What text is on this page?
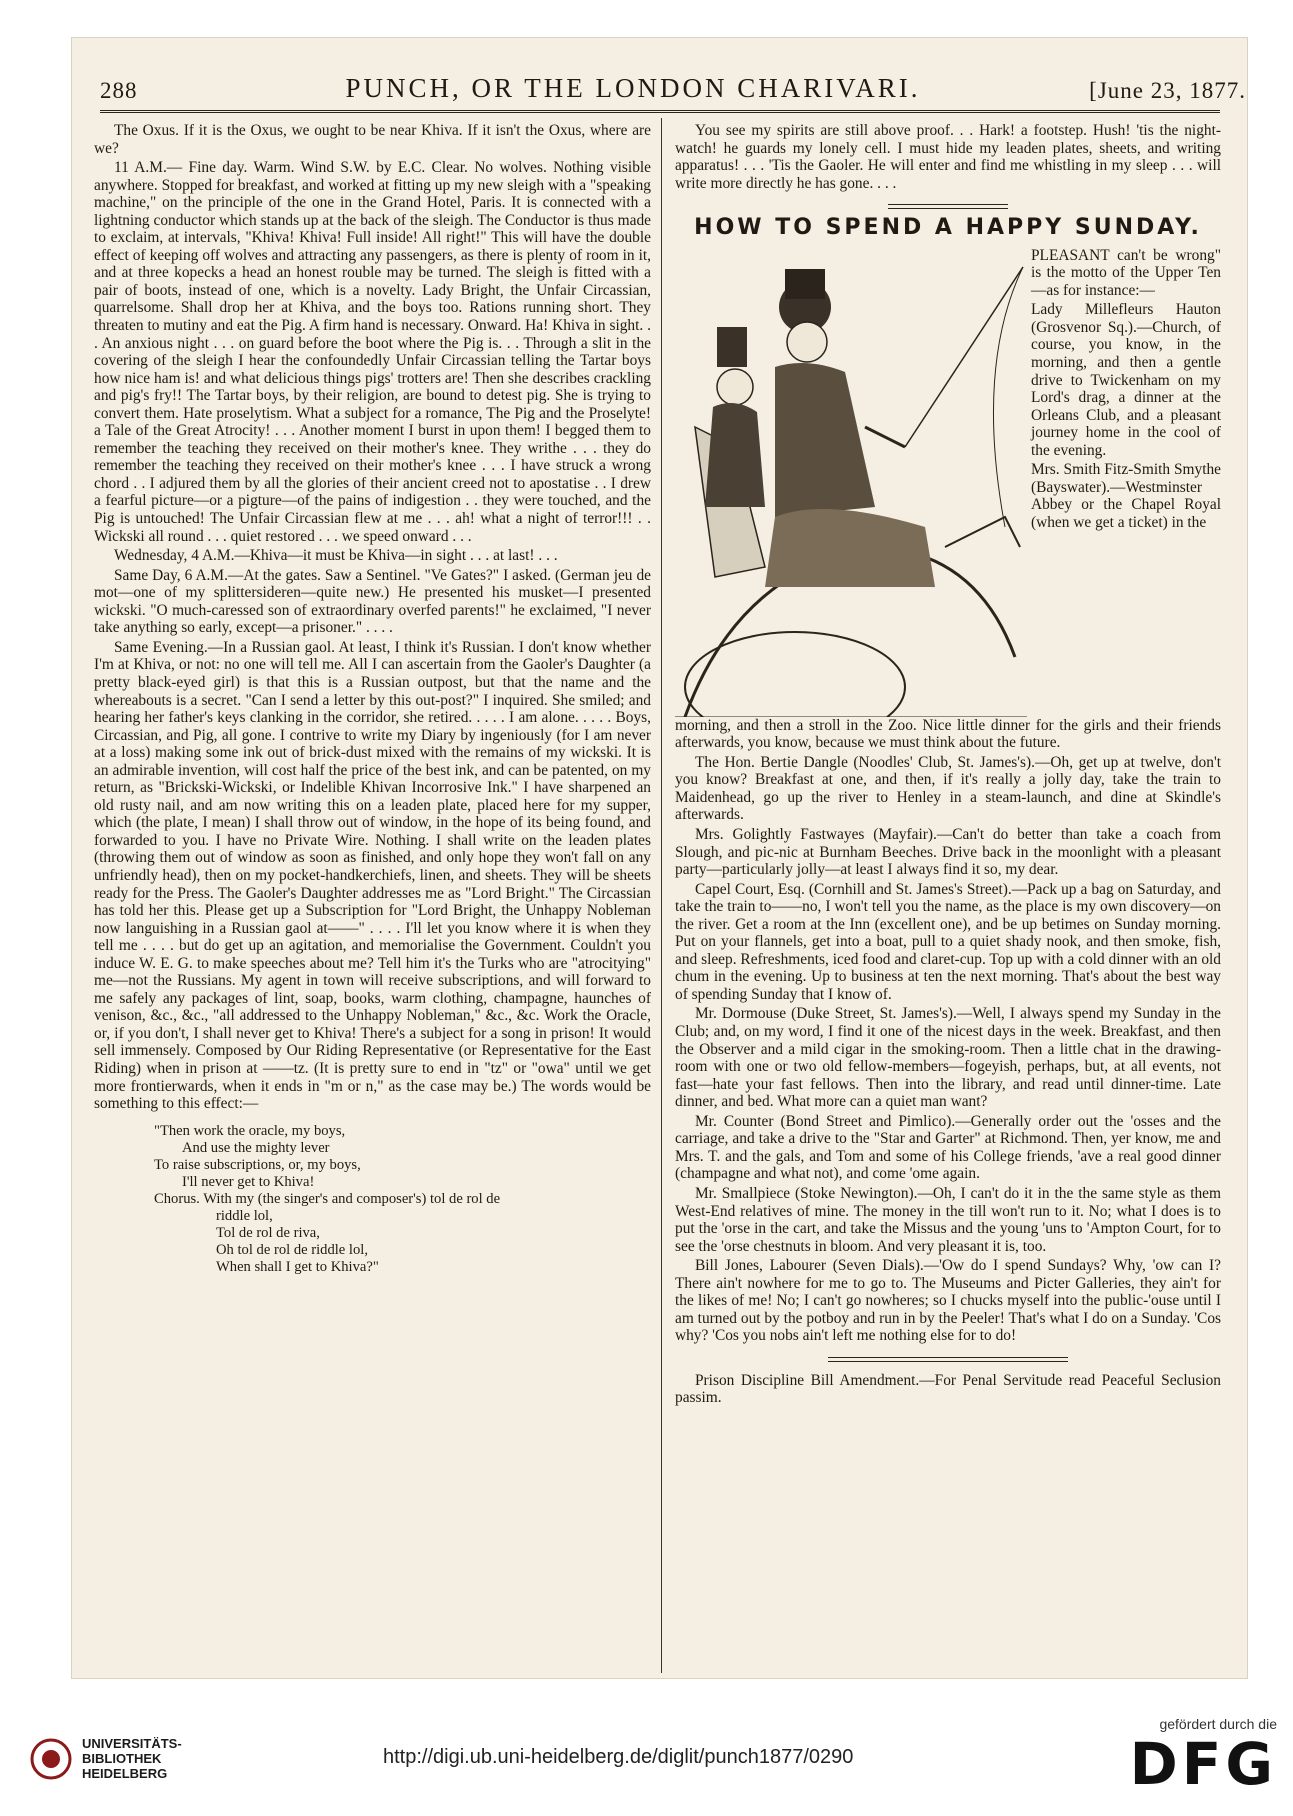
288	PUNCH, OR THE LONDON CHARIVARI.	[June 23, 1877.

The Oxus. If it is the Oxus, we ought to be near Khiva. If it isn't the Oxus, where are we?

11 A.M.— Fine day. Warm. Wind S.W. by E.C. Clear. No wolves. Nothing visible anywhere. Stopped for breakfast, and worked at fitting up my new sleigh with a "speaking machine," on the principle of the one in the Grand Hotel, Paris. It is connected with a lightning conductor which stands up at the back of the sleigh. The Conductor is thus made to exclaim, at intervals, "Khiva! Khiva! Full inside! All right!" This will have the double effect of keeping off wolves and attracting any passengers, as there is plenty of room in it, and at three kopecks a head an honest rouble may be turned. The sleigh is fitted with a pair of boots, instead of one, which is a novelty. Lady Bright, the Unfair Circassian, quarrelsome. Shall drop her at Khiva, and the boys too. Rations running short. They threaten to mutiny and eat the Pig. A firm hand is necessary. Onward. Ha! Khiva in sight. . . An anxious night . . . on guard before the boot where the Pig is. . . Through a slit in the covering of the sleigh I hear the confoundedly Unfair Circassian telling the Tartar boys how nice ham is! and what delicious things pigs' trotters are! Then she describes crackling and pig's fry!! The Tartar boys, by their religion, are bound to detest pig. She is trying to convert them. Hate proselytism. What a subject for a romance, The Pig and the Proselyte! a Tale of the Great Atrocity! . . . Another moment I burst in upon them! I begged them to remember the teaching they received on their mother's knee. They writhe . . . they do remember the teaching they received on their mother's knee . . . I have struck a wrong chord . . I adjured them by all the glories of their ancient creed not to apostatise . . I drew a fearful picture—or a pigture—of the pains of indigestion . . they were touched, and the Pig is untouched! The Unfair Circassian flew at me . . . ah! what a night of terror!!! . . Wickski all round . . . quiet restored . . . we speed onward . . .

Wednesday, 4 A.M.—Khiva—it must be Khiva—in sight . . . at last! . . .

Same Day, 6 A.M.—At the gates. Saw a Sentinel. "Ve Gates?" I asked. (German jeu de mot—one of my splittersideren—quite new.) He presented his musket—I presented wickski. "O much-caressed son of extraordinary overfed parents!" he exclaimed, "I never take anything so early, except—a prisoner." . . . .

Same Evening.—In a Russian gaol. At least, I think it's Russian. I don't know whether I'm at Khiva, or not: no one will tell me. All I can ascertain from the Gaoler's Daughter (a pretty black-eyed girl) is that this is a Russian outpost, but that the name and the whereabouts is a secret. "Can I send a letter by this out-post?" I inquired. She smiled; and hearing her father's keys clanking in the corridor, she retired. . . . . I am alone. . . . . Boys, Circassian, and Pig, all gone. I contrive to write my Diary by ingeniously (for I am never at a loss) making some ink out of brick-dust mixed with the remains of my wickski. It is an admirable invention, will cost half the price of the best ink, and can be patented, on my return, as "Brickski-Wickski, or Indelible Khivan Incorrosive Ink." I have sharpened an old rusty nail, and am now writing this on a leaden plate, placed here for my supper, which (the plate, I mean) I shall throw out of window, in the hope of its being found, and forwarded to you. I have no Private Wire. Nothing. I shall write on the leaden plates (throwing them out of window as soon as finished, and only hope they won't fall on any unfriendly head), then on my pocket-handkerchiefs, linen, and sheets. They will be sheets ready for the Press. The Gaoler's Daughter addresses me as "Lord Bright." The Circassian has told her this. Please get up a Subscription for "Lord Bright, the Unhappy Nobleman now languishing in a Russian gaol at——" . . . . I'll let you know where it is when they tell me . . . . but do get up an agitation, and memorialise the Government. Couldn't you induce W. E. G. to make speeches about me? Tell him it's the Turks who are "atrocitying" me—not the Russians. My agent in town will receive subscriptions, and will forward to me safely any packages of lint, soap, books, warm clothing, champagne, haunches of venison, &c., &c., "all addressed to the Unhappy Nobleman," &c., &c. Work the Oracle, or, if you don't, I shall never get to Khiva! There's a subject for a song in prison! It would sell immensely. Composed by Our Riding Representative (or Representative for the East Riding) when in prison at ——tz. (It is pretty sure to end in "tz" or "owa" until we get more frontierwards, when it ends in "m or n," as the case may be.) The words would be something to this effect:—

"Then work the oracle, my boys,
And use the mighty lever
To raise subscriptions, or, my boys,
I'll never get to Khiva!
Chorus. With my (the singer's and composer's) tol de rol de
riddle lol,
Tol de rol de riva,
Oh tol de rol de riddle lol,
When shall I get to Khiva?"

You see my spirits are still above proof. . . Hark! a footstep. Hush! 'tis the night-watch! he guards my lonely cell. I must hide my leaden plates, sheets, and writing apparatus! . . . 'Tis the Gaoler. He will enter and find me whistling in my sleep . . . will write more directly he has gone. . . .

HOW TO SPEND A HAPPY SUNDAY.

PLEASANT can't be wrong" is the motto of the Upper Ten—as for instance:—

Lady Millefleurs Hauton (Grosvenor Sq.).—Church, of course, you know, in the morning, and then a gentle drive to Twickenham on my Lord's drag, a dinner at the Orleans Club, and a pleasant journey home in the cool of the evening.

Mrs. Smith Fitz-Smith Smythe (Bayswater).—Westminster Abbey or the Chapel Royal (when we get a ticket) in the

morning, and then a stroll in the Zoo. Nice little dinner for the girls and their friends afterwards, you know, because we must think about the future.

The Hon. Bertie Dangle (Noodles' Club, St. James's).—Oh, get up at twelve, don't you know? Breakfast at one, and then, if it's really a jolly day, take the train to Maidenhead, go up the river to Henley in a steam-launch, and dine at Skindle's afterwards.

Mrs. Golightly Fastwayes (Mayfair).—Can't do better than take a coach from Slough, and pic-nic at Burnham Beeches. Drive back in the moonlight with a pleasant party—particularly jolly—at least I always find it so, my dear.

Capel Court, Esq. (Cornhill and St. James's Street).—Pack up a bag on Saturday, and take the train to——no, I won't tell you the name, as the place is my own discovery—on the river. Get a room at the Inn (excellent one), and be up betimes on Sunday morning. Put on your flannels, get into a boat, pull to a quiet shady nook, and then smoke, fish, and sleep. Refreshments, iced food and claret-cup. Top up with a cold dinner with an old chum in the evening. Up to business at ten the next morning. That's about the best way of spending Sunday that I know of.

Mr. Dormouse (Duke Street, St. James's).—Well, I always spend my Sunday in the Club; and, on my word, I find it one of the nicest days in the week. Breakfast, and then the Observer and a mild cigar in the smoking-room. Then a little chat in the drawing-room with one or two old fellow-members—fogeyish, perhaps, but, at all events, not fast—hate your fast fellows. Then into the library, and read until dinner-time. Late dinner, and bed. What more can a quiet man want?

Mr. Counter (Bond Street and Pimlico).—Generally order out the 'osses and the carriage, and take a drive to the "Star and Garter" at Richmond. Then, yer know, me and Mrs. T. and the gals, and Tom and some of his College friends, 'ave a real good dinner (champagne and what not), and come 'ome again.

Mr. Smallpiece (Stoke Newington).—Oh, I can't do it in the the same style as them West-End relatives of mine. The money in the till won't run to it. No; what I does is to put the 'orse in the cart, and take the Missus and the young 'uns to 'Ampton Court, for to see the 'orse chestnuts in bloom. And very pleasant it is, too.

Bill Jones, Labourer (Seven Dials).—'Ow do I spend Sundays? Why, 'ow can I? There ain't nowhere for me to go to. The Museums and Picter Galleries, they ain't for the likes of me! No; I can't go nowheres; so I chucks myself into the public-'ouse until I am turned out by the potboy and run in by the Peeler! That's what I do on a Sunday. 'Cos why? 'Cos you nobs ain't left me nothing else for to do!

Prison Discipline Bill Amendment.—For Penal Servitude read Peaceful Seclusion passim.

UNIVERSITÄTS-
BIBLIOTHEK
HEIDELBERG
http://digi.ub.uni-heidelberg.de/diglit/punch1877/0290
gefördert durch die
DFG
